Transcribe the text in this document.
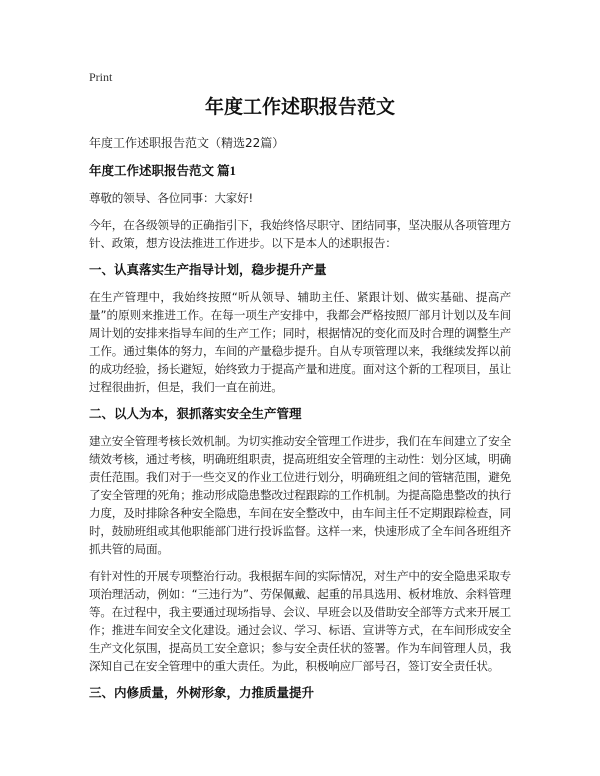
Print
年度工作述职报告范文

年度工作述职报告范文（精选22篇）

年度工作述职报告范文 篇1

尊敬的领导、各位同事：大家好!

今年，在各级领导的正确指引下，我始终恪尽职守、团结同事，坚决服从各项管理方针、政策，想方设法推进工作进步。以下是本人的述职报告：

一、认真落实生产指导计划，稳步提升产量

在生产管理中，我始终按照“听从领导、辅助主任、紧跟计划、做实基础、提高产量”的原则来推进工作。在每一项生产安排中，我都会严格按照厂部月计划以及车间周计划的安排来指导车间的生产工作；同时，根据情况的变化而及时合理的调整生产工作。通过集体的努力，车间的产量稳步提升。自从专项管理以来，我继续发挥以前的成功经验，扬长避短，始终致力于提高产量和进度。面对这个新的工程项目，虽让过程很曲折，但是，我们一直在前进。

二、以人为本，狠抓落实安全生产管理

建立安全管理考核长效机制。为切实推动安全管理工作进步，我们在车间建立了安全绩效考核，通过考核，明确班组职责，提高班组安全管理的主动性：划分区域，明确责任范围。我们对于一些交叉的作业工位进行划分，明确班组之间的管辖范围，避免了安全管理的死角；推动形成隐患整改过程跟踪的工作机制。为提高隐患整改的执行力度，及时排除各种安全隐患，车间在安全整改中，由车间主任不定期跟踪检查，同时，鼓励班组或其他职能部门进行投诉监督。这样一来，快速形成了全车间各班组齐抓共管的局面。

有针对性的开展专项整治行动。我根据车间的实际情况，对生产中的安全隐患采取专项治理活动，例如：“三违行为”、劳保佩戴、起重的吊具选用、板材堆放、余料管理等。在过程中，我主要通过现场指导、会议、早班会以及借助安全部等方式来开展工作；推进车间安全文化建设。通过会议、学习、标语、宣讲等方式，在车间形成安全生产文化氛围，提高员工安全意识；参与安全责任状的签署。作为车间管理人员，我深知自己在安全管理中的重大责任。为此，积极响应厂部号召，签订安全责任状。

三、内修质量，外树形象，力推质量提升
